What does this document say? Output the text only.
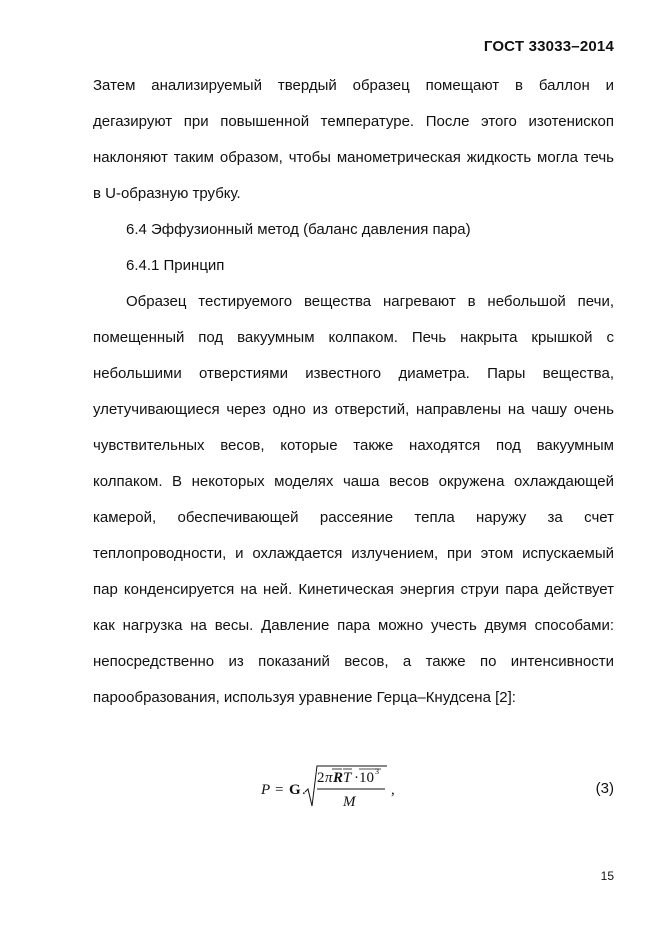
ГОСТ 33033–2014

Затем анализируемый твердый образец помещают в баллон и дегазируют при повышенной температуре. После этого изотенископ наклоняют таким образом, чтобы манометрическая жидкость могла течь в U-образную трубку.

6.4 Эффузионный метод (баланс давления пара)

6.4.1 Принцип

Образец тестируемого вещества нагревают в небольшой печи, помещенный под вакуумным колпаком. Печь накрыта крышкой с небольшими отверстиями известного диаметра. Пары вещества, улетучивающиеся через одно из отверстий, направлены на чашу очень чувствительных весов, которые также находятся под вакуумным колпаком. В некоторых моделях чаша весов окружена охлаждающей камерой, обеспечивающей рассеяние тепла наружу за счет теплопроводности, и охлаждается излучением, при этом испускаемый пар конденсируется на ней. Кинетическая энергия струи пара действует как нагрузка на весы. Давление пара можно учесть двумя способами: непосредственно из показаний весов, а также по интенсивности парообразования, используя уравнение Герца–Кнудсена [2]:

P = G .
2 π R T · 10 3
M
,	(3)
15
